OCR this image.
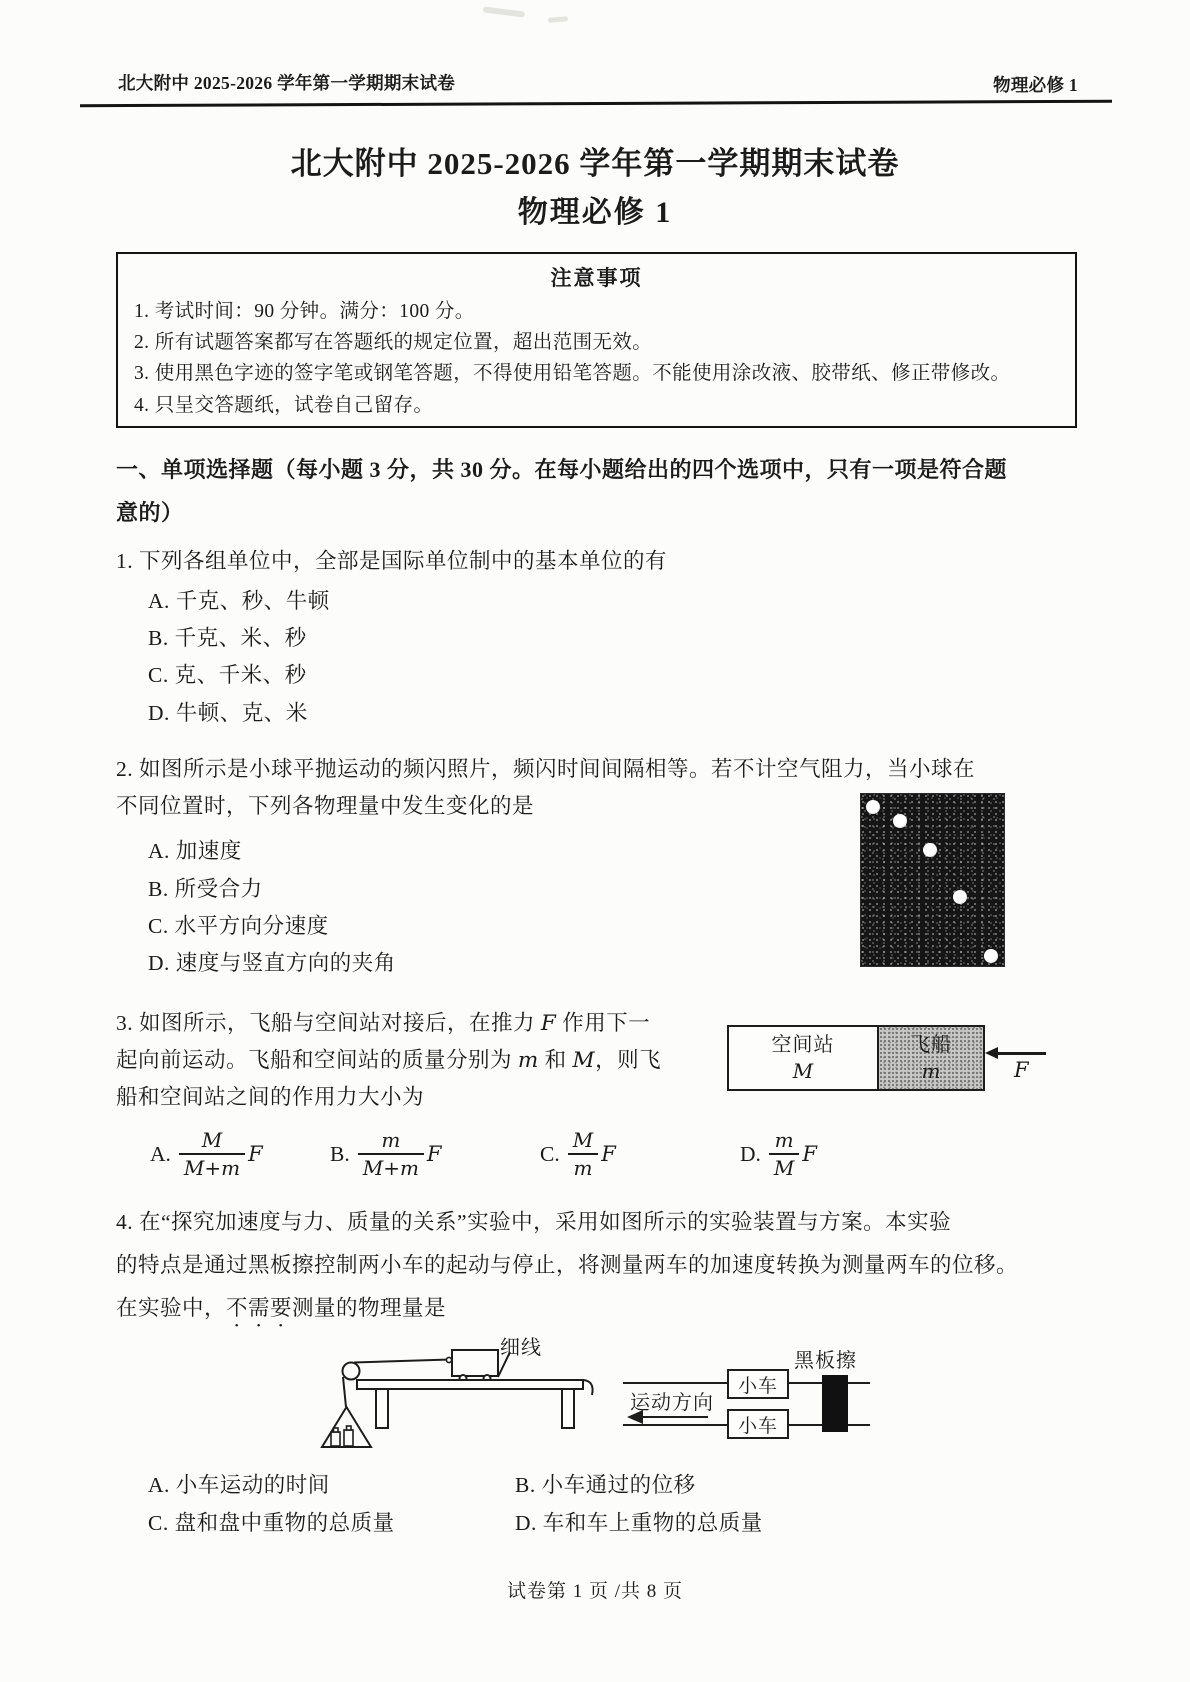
北大附中 2025-2026 学年第一学期期末试卷	物理必修 1
北大附中 2025-2026 学年第一学期期末试卷
物理必修 1
注意事项
1. 考试时间：90 分钟。满分：100 分。
2. 所有试题答案都写在答题纸的规定位置，超出范围无效。
3. 使用黑色字迹的签字笔或钢笔答题，不得使用铅笔答题。不能使用涂改液、胶带纸、修正带修改。
4. 只呈交答题纸，试卷自己留存。
一、单项选择题（每小题 3 分，共 30 分。在每小题给出的四个选项中，只有一项是符合题
意的）
1. 下列各组单位中，全部是国际单位制中的基本单位的有
A. 千克、秒、牛顿
B. 千克、米、秒
C. 克、千米、秒
D. 牛顿、克、米
2. 如图所示是小球平抛运动的频闪照片，频闪时间间隔相等。若不计空气阻力，当小球在
不同位置时，下列各物理量中发生变化的是
A. 加速度
B. 所受合力
C. 水平方向分速度
D. 速度与竖直方向的夹角
3. 如图所示，飞船与空间站对接后，在推力 F 作用下一
起向前运动。飞船和空间站的质量分别为 m 和 M，则飞
船和空间站之间的作用力大小为
空间站
M
飞船
m	F
A. $\frac{M}{M+m}$ F	B. $\frac{m}{M+m}$ F	C. $\frac{M}{m}$ F	D. $\frac{m}{M}$ F
4. 在“探究加速度与力、质量的关系”实验中，采用如图所示的实验装置与方案。本实验
的特点是通过黑板擦控制两小车的起动与停止，将测量两车的加速度转换为测量两车的位移。
在实验中，不需要测量的物理量是
细线
黑板擦
小车
小车
运动方向
A. 小车运动的时间	B. 小车通过的位移
C. 盘和盘中重物的总质量	D. 车和车上重物的总质量
试卷第 1 页 /共 8 页
